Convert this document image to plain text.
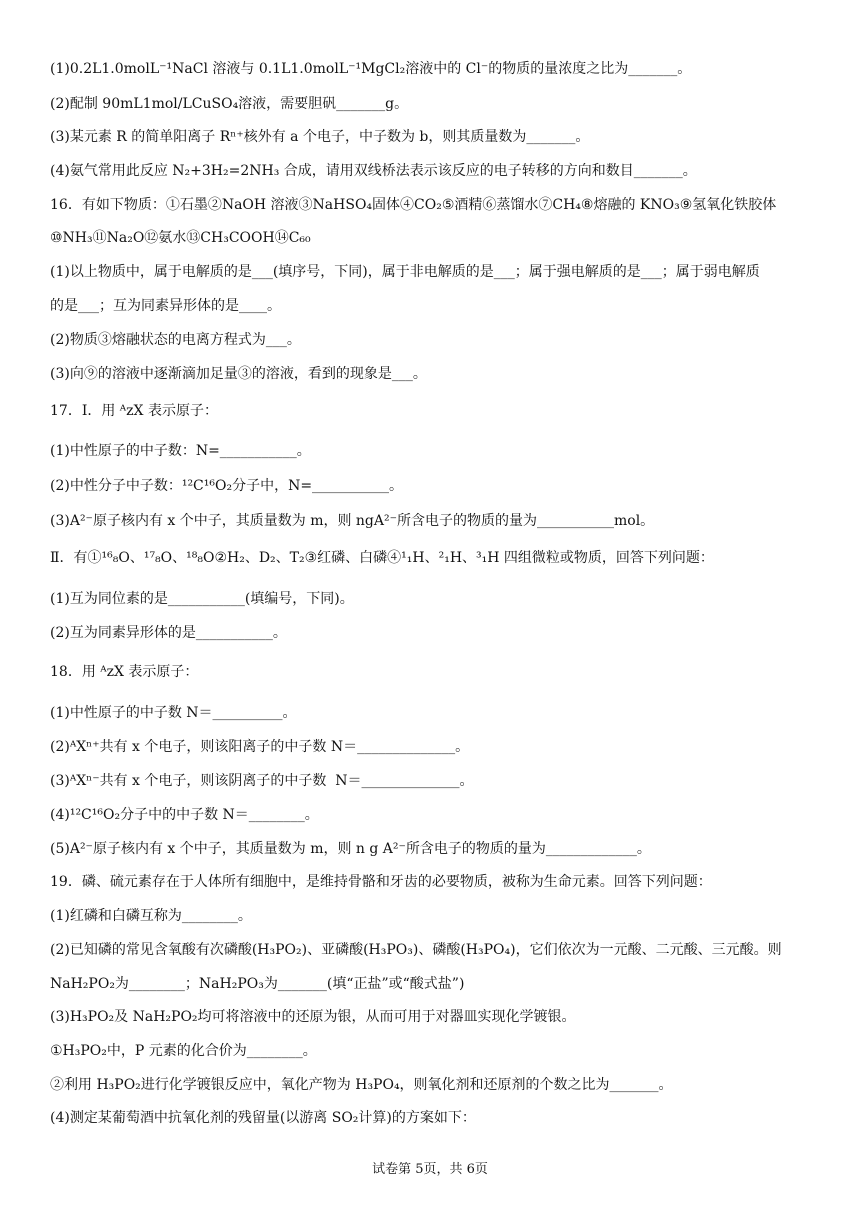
(1)0.2L1.0molL⁻¹NaCl 溶液与 0.1L1.0molL⁻¹MgCl₂溶液中的 Cl⁻的物质的量浓度之比为_______。
(2)配制 90mL1mol/LCuSO₄溶液，需要胆矾_______g。
(3)某元素 R 的简单阳离子 Rⁿ⁺核外有 a 个电子，中子数为 b，则其质量数为_______。
(4)氨气常用此反应 N₂+3H₂=2NH₃ 合成，请用双线桥法表示该反应的电子转移的方向和数目_______。
16．有如下物质：①石墨②NaOH 溶液③NaHSO₄固体④CO₂⑤酒精⑥蒸馏水⑦CH₄⑧熔融的 KNO₃⑨氢氧化铁胶体
⑩NH₃⑪Na₂O⑫氨水⑬CH₃COOH⑭C₆₀
(1)以上物质中，属于电解质的是___(填序号，下同)，属于非电解质的是___；属于强电解质的是___；属于弱电解质
的是___；互为同素异形体的是____。
(2)物质③熔融状态的电离方程式为___。
(3)向⑨的溶液中逐渐滴加足量③的溶液，看到的现象是___。
17．Ⅰ．用 ᴬzX 表示原子：
(1)中性原子的中子数：N=___________。
(2)中性分子中子数：¹²C¹⁶O₂分子中，N=___________。
(3)A²⁻原子核内有 x 个中子，其质量数为 m，则 ngA²⁻所含电子的物质的量为___________mol。
Ⅱ．有①¹⁶₈O、¹⁷₈O、¹⁸₈O②H₂、D₂、T₂③红磷、白磷④¹₁H、²₁H、³₁H 四组微粒或物质，回答下列问题：
(1)互为同位素的是___________(填编号，下同)。
(2)互为同素异形体的是___________。
18．用 ᴬzX 表示原子：
(1)中性原子的中子数 N＝__________。
(2)ᴬXⁿ⁺共有 x 个电子，则该阳离子的中子数 N＝______________。
(3)ᴬXⁿ⁻共有 x 个电子，则该阴离子的中子数  N＝______________。
(4)¹²C¹⁶O₂分子中的中子数 N＝________。
(5)A²⁻原子核内有 x 个中子，其质量数为 m，则 n g A²⁻所含电子的物质的量为_____________。
19．磷、硫元素存在于人体所有细胞中，是维持骨骼和牙齿的必要物质，被称为生命元素。回答下列问题：
(1)红磷和白磷互称为________。
(2)已知磷的常见含氧酸有次磷酸(H₃PO₂)、亚磷酸(H₃PO₃)、磷酸(H₃PO₄)，它们依次为一元酸、二元酸、三元酸。则
NaH₂PO₂为________；NaH₂PO₃为_______(填“正盐”或“酸式盐”)
(3)H₃PO₂及 NaH₂PO₂均可将溶液中的还原为银，从而可用于对器皿实现化学镀银。
①H₃PO₂中，P 元素的化合价为________。
②利用 H₃PO₂进行化学镀银反应中，氧化产物为 H₃PO₄，则氧化剂和还原剂的个数之比为_______。
(4)测定某葡萄酒中抗氧化剂的残留量(以游离 SO₂计算)的方案如下：
试卷第 5页，共 6页
